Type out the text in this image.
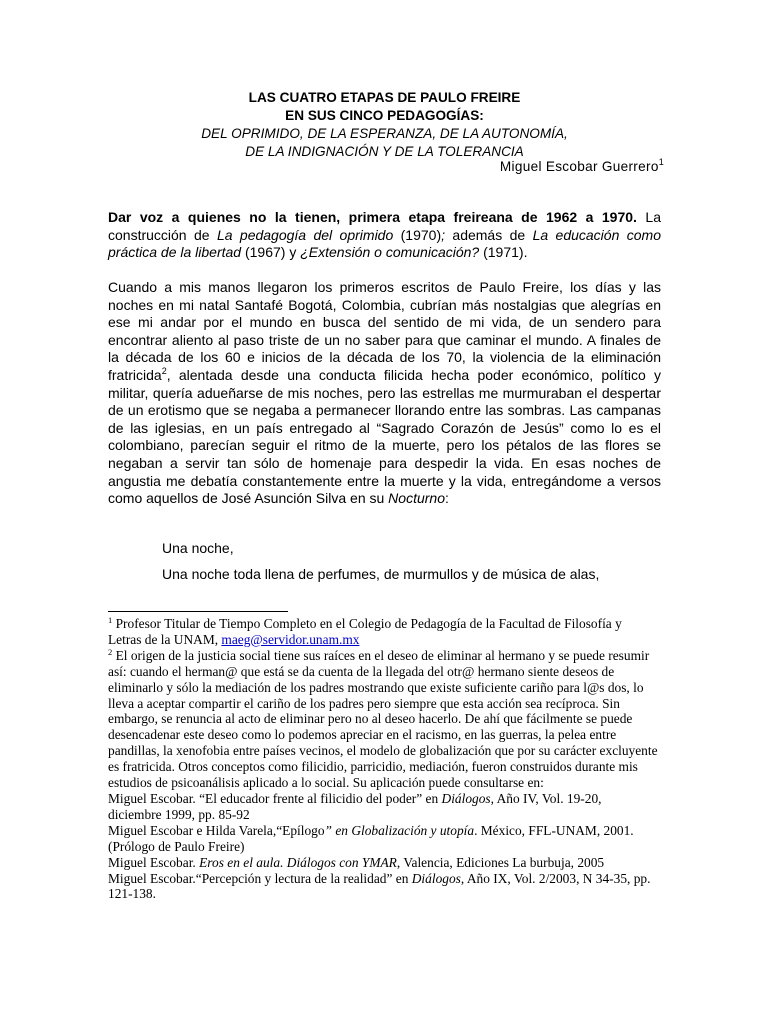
LAS CUATRO ETAPAS DE PAULO FREIRE
EN SUS CINCO PEDAGOGÍAS:
DEL OPRIMIDO, DE LA ESPERANZA, DE LA AUTONOMÍA,
DE LA INDIGNACIÓN Y DE LA TOLERANCIA
Miguel Escobar Guerrero$^1$
Dar voz a quienes no la tienen, primera etapa freireana de 1962 a 1970. La construcción de La pedagogía del oprimido (1970); además de La educación como práctica de la libertad (1967) y ¿Extensión o comunicación? (1971).
Cuando a mis manos llegaron los primeros escritos de Paulo Freire, los días y las noches en mi natal Santafé Bogotá, Colombia, cubrían más nostalgias que alegrías en ese mi andar por el mundo en busca del sentido de mi vida, de un sendero para encontrar aliento al paso triste de un no saber para que caminar el mundo. A finales de la década de los 60 e inicios de la década de los 70, la violencia de la eliminación fratricida$^2$, alentada desde una conducta filicida hecha poder económico, político y militar, quería adueñarse de mis noches, pero las estrellas me murmuraban el despertar de un erotismo que se negaba a permanecer llorando entre las sombras. Las campanas de las iglesias, en un país entregado al “Sagrado Corazón de Jesús” como lo es el colombiano, parecían seguir el ritmo de la muerte, pero los pétalos de las flores se negaban a servir tan sólo de homenaje para despedir la vida. En esas noches de angustia me debatía constantemente entre la muerte y la vida, entregándome a versos como aquellos de José Asunción Silva en su Nocturno:
Una noche,
Una noche toda llena de perfumes, de murmullos y de música de alas,

$^1$ Profesor Titular de Tiempo Completo en el Colegio de Pedagogía de la Facultad de Filosofía y Letras de la UNAM, maeg@servidor.unam.mx

$^2$ El origen de la justicia social tiene sus raíces en el deseo de eliminar al hermano y se puede resumir así: cuando el herman@ que está se da cuenta de la llegada del otr@ hermano siente deseos de eliminarlo y sólo la mediación de los padres mostrando que existe suficiente cariño para l@s dos, lo lleva a aceptar compartir el cariño de los padres pero siempre que esta acción sea recíproca. Sin embargo, se renuncia al acto de eliminar pero no al deseo hacerlo. De ahí que fácilmente se puede desencadenar este deseo como lo podemos apreciar en el racismo, en las guerras, la pelea entre pandillas, la xenofobia entre países vecinos, el modelo de globalización que por su carácter excluyente es fratricida. Otros conceptos como filicidio, parricidio, mediación, fueron construidos durante mis estudios de psicoanálisis aplicado a lo social. Su aplicación puede consultarse en:

Miguel Escobar. “El educador frente al filicidio del poder” en Diálogos, Año IV, Vol. 19-20, diciembre 1999, pp. 85-92

Miguel Escobar e Hilda Varela,“Epílogo” en Globalización y utopía. México, FFL-UNAM, 2001. (Prólogo de Paulo Freire)

Miguel Escobar. Eros en el aula. Diálogos con YMAR, Valencia, Ediciones La burbuja, 2005

Miguel Escobar.“Percepción y lectura de la realidad” en Diálogos, Año IX, Vol. 2/2003, N 34-35, pp. 121-138.
